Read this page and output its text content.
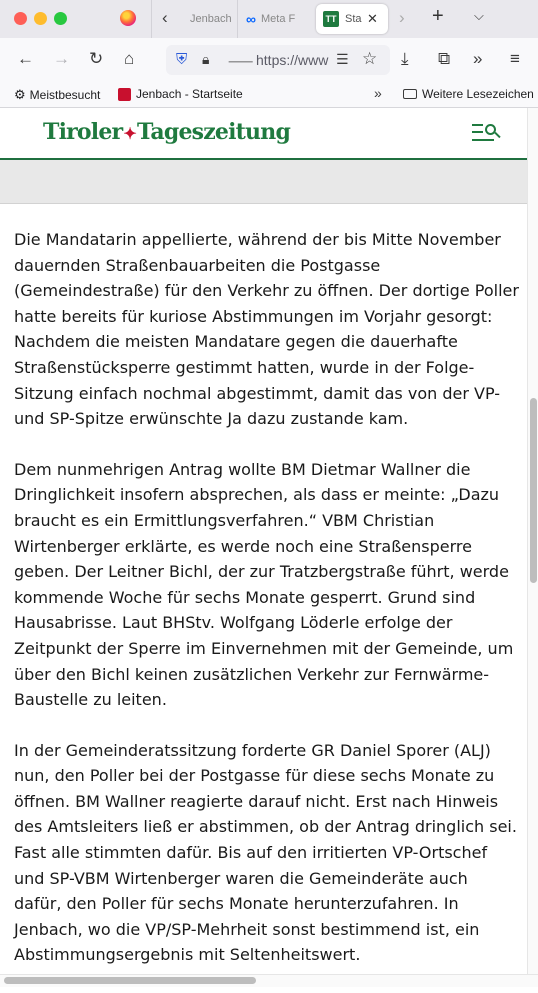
‹ Jenbach ∞ Meta F	TT Sta ✕ › + ⌵
← → ↻ ⌂	⛨ 🔒︎ ⸺ https://www ☰ ☆ ⤓ ⧉ » ≡
⚙ Meistbesucht	Jenbach - Startseite	»	Weitere Lesezeichen
Tiroler✦Tageszeitung

Die Mandatarin appellierte, während der bis Mitte November dauernden Straßenbauarbeiten die Postgasse (Gemeindestraße) für den Verkehr zu öffnen. Der dortige Poller hatte bereits für kuriose Abstimmungen im Vorjahr gesorgt: Nachdem die meisten Mandatare gegen die dauerhafte Straßenstücksperre gestimmt hatten, wurde in der Folge-Sitzung einfach nochmal abgestimmt, damit das von der VP- und SP-Spitze erwünschte Ja dazu zustande kam.

Dem nunmehrigen Antrag wollte BM Dietmar Wallner die Dringlichkeit insofern absprechen, als dass er meinte: „Dazu braucht es ein Ermittlungsverfahren.“ VBM Christian Wirtenberger erklärte, es werde noch eine Straßensperre geben. Der Leitner Bichl, der zur Tratzbergstraße führt, werde kommende Woche für sechs Monate gesperrt. Grund sind Hausabrisse. Laut BHStv. Wolfgang Löderle erfolge der Zeitpunkt der Sperre im Einvernehmen mit der Gemeinde, um über den Bichl keinen zusätzlichen Verkehr zur Fernwärme-Baustelle zu leiten.

In der Gemeinderatssitzung forderte GR Daniel Sporer (ALJ) nun, den Poller bei der Postgasse für diese sechs Monate zu öffnen. BM Wallner reagierte darauf nicht. Erst nach Hinweis des Amtsleiters ließ er abstimmen, ob der Antrag dringlich sei. Fast alle stimmten dafür. Bis auf den irritierten VP-Ortschef und SP-VBM Wirtenberger waren die Gemeinderäte auch dafür, den Poller für sechs Monate herunterzufahren. In Jenbach, wo die VP/SP-Mehrheit sonst bestimmend ist, ein Abstimmungsergebnis mit Seltenheitswert.
